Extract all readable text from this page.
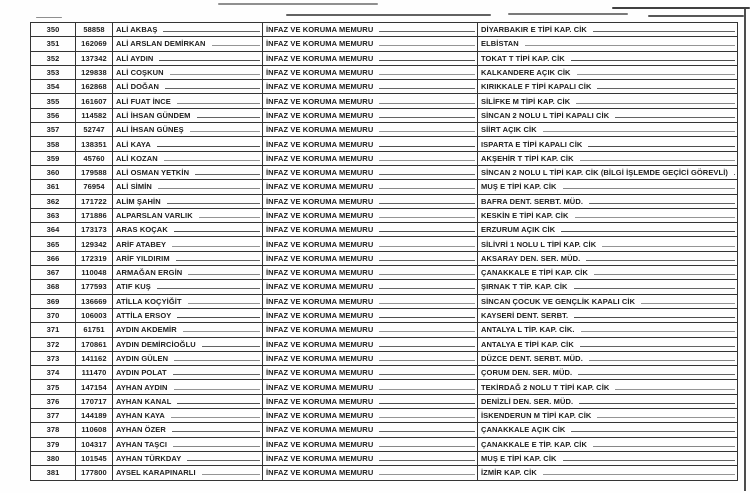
350	58858	ALİ AKBAŞ	İNFAZ VE KORUMA MEMURU	DİYARBAKIR E TİPİ KAP. CİK

351	162069	ALİ ARSLAN DEMİRKAN	İNFAZ VE KORUMA MEMURU	ELBİSTAN

352	137342	ALİ AYDIN	İNFAZ VE KORUMA MEMURU	TOKAT T TİPİ KAP. CİK

353	129838	ALİ COŞKUN	İNFAZ VE KORUMA MEMURU	KALKANDERE AÇIK CİK

354	162868	ALİ DOĞAN	İNFAZ VE KORUMA MEMURU	KIRIKKALE F TİPİ KAPALI CİK

355	161607	ALİ FUAT İNCE	İNFAZ VE KORUMA MEMURU	SİLİFKE M TİPİ KAP. CİK

356	114582	ALİ İHSAN GÜNDEM	İNFAZ VE KORUMA MEMURU	SİNCAN 2 NOLU L TİPİ KAPALI CİK

357	52747	ALİ İHSAN GÜNEŞ	İNFAZ VE KORUMA MEMURU	SİİRT AÇIK CİK

358	138351	ALİ KAYA	İNFAZ VE KORUMA MEMURU	ISPARTA E TİPİ KAPALI CİK

359	45760	ALİ KOZAN	İNFAZ VE KORUMA MEMURU	AKŞEHİR T TİPİ KAP. CİK

360	179588	ALİ OSMAN YETKİN	İNFAZ VE KORUMA MEMURU	SİNCAN 2 NOLU L TİPİ KAP. CİK (BİLGİ İŞLEMDE GEÇİCİ GÖREVLİ)

361	76954	ALİ SİMİN	İNFAZ VE KORUMA MEMURU	MUŞ E TİPİ KAP. CİK

362	171722	ALİM ŞAHİN	İNFAZ VE KORUMA MEMURU	BAFRA DENT. SERBT. MÜD.

363	171886	ALPARSLAN VARLIK	İNFAZ VE KORUMA MEMURU	KESKİN E TİPİ KAP. CİK

364	173173	ARAS KOÇAK	İNFAZ VE KORUMA MEMURU	ERZURUM AÇIK CİK

365	129342	ARİF ATABEY	İNFAZ VE KORUMA MEMURU	SİLİVRİ 1 NOLU L TİPİ KAP. CİK

366	172319	ARİF YILDIRIM	İNFAZ VE KORUMA MEMURU	AKSARAY DEN. SER. MÜD.

367	110048	ARMAĞAN ERGİN	İNFAZ VE KORUMA MEMURU	ÇANAKKALE E TİPİ KAP. CİK

368	177593	ATIF KUŞ	İNFAZ VE KORUMA MEMURU	ŞIRNAK T TİP. KAP. CİK

369	136669	ATİLLA KOÇYİĞİT	İNFAZ VE KORUMA MEMURU	SİNCAN ÇOCUK VE GENÇLİK KAPALI CİK

370	106003	ATTİLA ERSOY	İNFAZ VE KORUMA MEMURU	KAYSERİ DENT. SERBT.

371	61751	AYDIN AKDEMİR	İNFAZ VE KORUMA MEMURU	ANTALYA L TİP. KAP. CİK.

372	170861	AYDIN DEMİRCİOĞLU	İNFAZ VE KORUMA MEMURU	ANTALYA E TİPİ KAP. CİK

373	141162	AYDIN GÜLEN	İNFAZ VE KORUMA MEMURU	DÜZCE DENT. SERBT. MÜD.

374	111470	AYDIN POLAT	İNFAZ VE KORUMA MEMURU	ÇORUM DEN. SER. MÜD.

375	147154	AYHAN AYDIN	İNFAZ VE KORUMA MEMURU	TEKİRDAĞ 2 NOLU T TİPİ KAP. CİK

376	170717	AYHAN KANAL	İNFAZ VE KORUMA MEMURU	DENİZLİ DEN. SER. MÜD.

377	144189	AYHAN KAYA	İNFAZ VE KORUMA MEMURU	İSKENDERUN M TİPİ KAP. CİK

378	110608	AYHAN ÖZER	İNFAZ VE KORUMA MEMURU	ÇANAKKALE AÇIK CİK

379	104317	AYHAN TAŞCI	İNFAZ VE KORUMA MEMURU	ÇANAKKALE E TİP. KAP. CİK

380	101545	AYHAN TÜRKDAY	İNFAZ VE KORUMA MEMURU	MUŞ E TİPİ KAP. CİK

381	177800	AYSEL KARAPINARLI	İNFAZ VE KORUMA MEMURU	İZMİR KAP. CİK
